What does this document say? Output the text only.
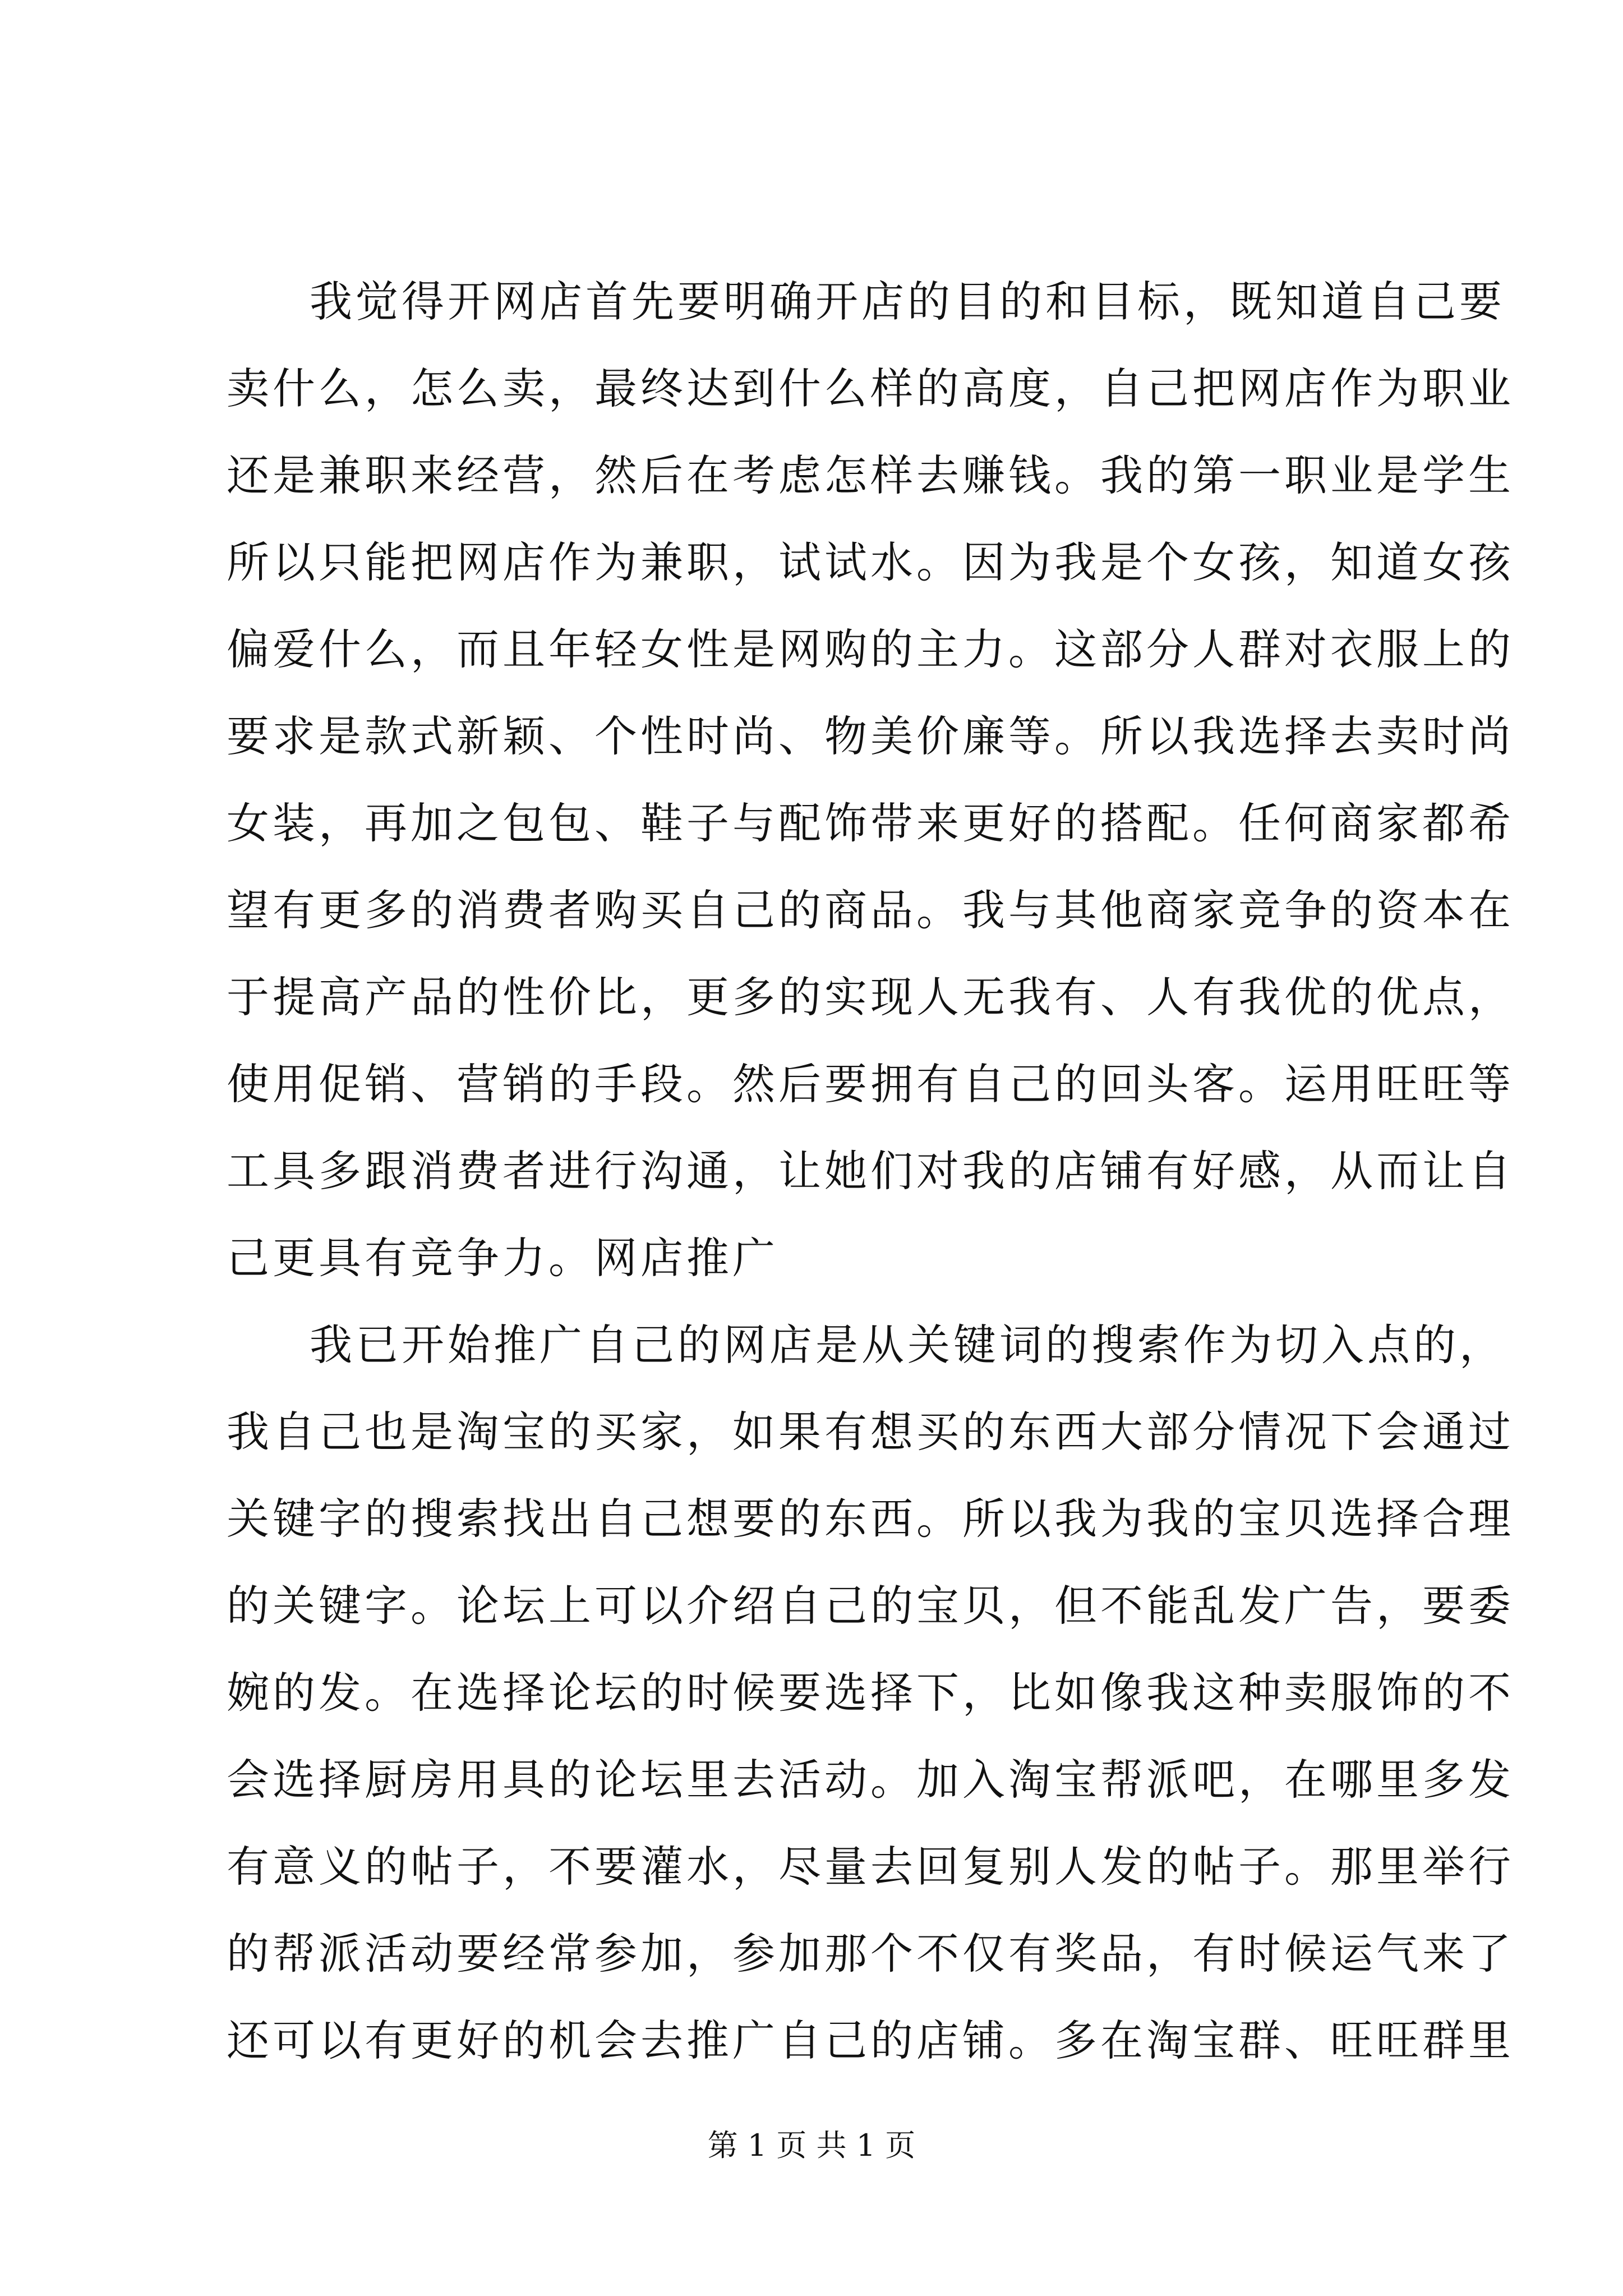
我觉得开网店首先要明确开店的目的和目标，既知道自己要
卖什么，怎么卖，最终达到什么样的高度，自己把网店作为职业
还是兼职来经营，然后在考虑怎样去赚钱。我的第一职业是学生
所以只能把网店作为兼职，试试水。因为我是个女孩，知道女孩
偏爱什么，而且年轻女性是网购的主力。这部分人群对衣服上的
要求是款式新颖、个性时尚、物美价廉等。所以我选择去卖时尚
女装，再加之包包、鞋子与配饰带来更好的搭配。任何商家都希
望有更多的消费者购买自己的商品。我与其他商家竞争的资本在
于提高产品的性价比，更多的实现人无我有、人有我优的优点，
使用促销、营销的手段。然后要拥有自己的回头客。运用旺旺等
工具多跟消费者进行沟通，让她们对我的店铺有好感，从而让自
己更具有竞争力。网店推广
我已开始推广自己的网店是从关键词的搜索作为切入点的，
我自己也是淘宝的买家，如果有想买的东西大部分情况下会通过
关键字的搜索找出自己想要的东西。所以我为我的宝贝选择合理
的关键字。论坛上可以介绍自己的宝贝，但不能乱发广告，要委
婉的发。在选择论坛的时候要选择下，比如像我这种卖服饰的不
会选择厨房用具的论坛里去活动。加入淘宝帮派吧，在哪里多发
有意义的帖子，不要灌水，尽量去回复别人发的帖子。那里举行
的帮派活动要经常参加，参加那个不仅有奖品，有时候运气来了
还可以有更好的机会去推广自己的店铺。多在淘宝群、旺旺群里
第 1 页 共 1 页
